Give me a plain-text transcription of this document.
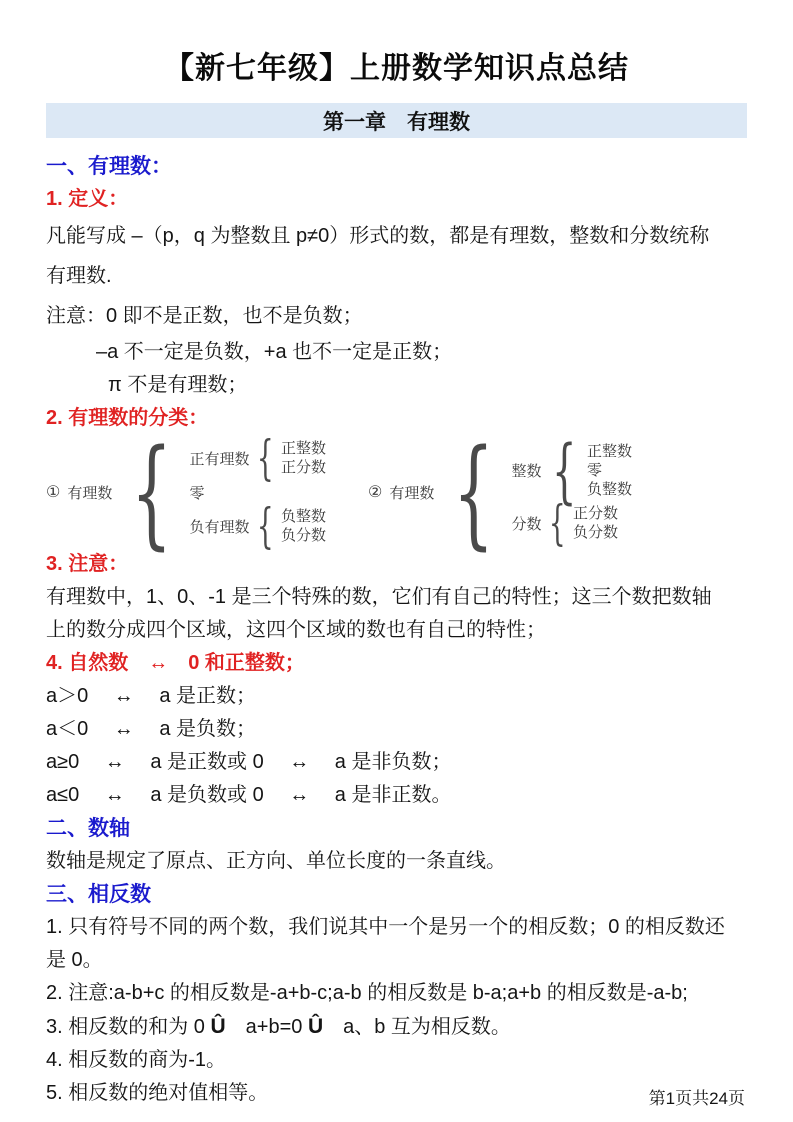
【新七年级】上册数学知识点总结
第一章　有理数
一、有理数：
1. 定义：
凡能写成 –（p，q 为整数且 p≠0）形式的数，都是有理数，整数和分数统称
有理数.
注意：0 即不是正数，也不是负数；
–a 不一定是负数，+a 也不一定是正数；
π 不是有理数；
2. 有理数的分类：
① 有理数 { 正有理数 { 正整数
正分数
零
负有理数 { 负整数
负分数
② 有理数 { 整数 { 正整数
零
负整数
分数 { 正分数
负分数
3. 注意：
有理数中，1、0、-1 是三个特殊的数，它们有自己的特性；这三个数把数轴
上的数分成四个区域，这四个区域的数也有自己的特性；
4. 自然数　↔　0 和正整数；
a＞0　 ↔ 　a 是正数；
a＜0　 ↔ 　a 是负数；
a≥0　 ↔ 　a 是正数或 0　 ↔ 　a 是非负数；
a≤0　 ↔ 　a 是负数或 0　 ↔ 　a 是非正数。
二、数轴
数轴是规定了原点、正方向、单位长度的一条直线。
三、相反数
1. 只有符号不同的两个数，我们说其中一个是另一个的相反数；0 的相反数还
是 0。
2. 注意:a-b+c 的相反数是-a+b-c;a-b 的相反数是 b-a;a+b 的相反数是-a-b;
3. 相反数的和为 0 Û　a+b=0 Û　a、b 互为相反数。
4. 相反数的商为-1。
5. 相反数的绝对值相等。	第1页共24页
